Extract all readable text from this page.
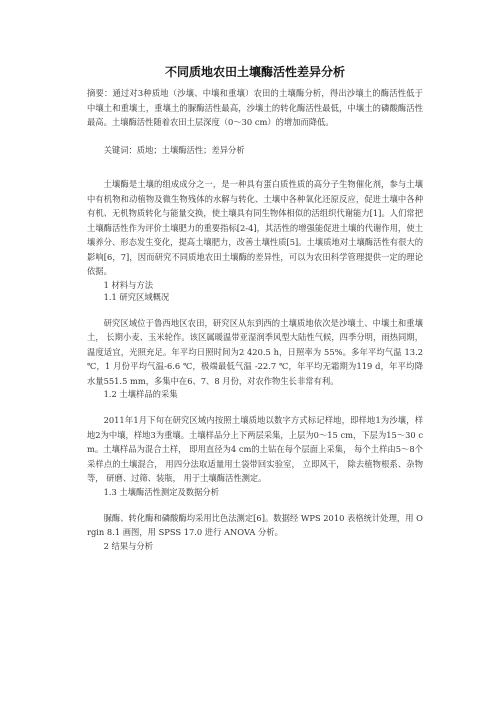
不同质地农田土壤酶活性差异分析

摘要：通过对3种质地（沙壤、中壤和重壤）农田的土壤酶分析，得出沙壤土的酶活性低于中壤土和重壤土，重壤土的脲酶活性最高，沙壤土的转化酶活性最低，中壤土的磷酸酶活性最高。土壤酶活性随着农田土层深度（0～30 cm）的增加而降低。

关键词：质地；土壤酶活性；差异分析

土壤酶是土壤的组成成分之一，是一种具有蛋白质性质的高分子生物催化剂，参与土壤中有机物和动植物及微生物残体的水解与转化、土壤中各种氧化还原反应，促进土壤中各种有机、无机物质转化与能量交换，使土壤具有同生物体相似的活组织代谢能力[1]。人们常把土壤酶活性作为评价土壤肥力的重要指标[2-4]，其活性的增强能促进土壤的代谢作用，使土壤养分、形态发生变化，提高土壤肥力，改善土壤性质[5]。土壤质地对土壤酶活性有很大的影响[6，7]，因而研究不同质地农田土壤酶的差异性，可以为农田科学管理提供一定的理论依据。

1 材料与方法

1.1 研究区域概况

研究区域位于鲁西地区农田，研究区从东到西的土壤质地依次是沙壤土、中壤土和重壤土， 长期小麦、玉米轮作。该区属暖温带亚湿润季风型大陆性气候，四季分明，雨热同期，温度适宜，光照充足。年平均日照时间为2 420.5 h，日照率为 55%。多年平均气温 13.2 ℃，1 月份平均气温-6.6 ℃，极端最低气温 -22.7 ℃，年平均无霜期为119 d，年平均降水量551.5 mm，多集中在6、7、8 月份，对农作物生长非常有利。

1.2 土壤样品的采集

2011年1月下旬在研究区域内按照土壤质地以数字方式标记样地，即样地1为沙壤，样地2为中壤，样地3为重壤。土壤样品分上下两层采集，上层为0～15 cm，下层为15～30 cm。土壤样品为混合土样， 即用直径为4 cm的土钻在每个层面上采集， 每个土样由5～8个采样点的土壤混合， 用四分法取适量用土袋带回实验室， 立即风干， 除去植物根系、杂物等， 研磨、过筛、装瓶， 用于土壤酶活性测定。

1.3 土壤酶活性测定及数据分析

脲酶、转化酶和磷酸酶均采用比色法测定[6]。数据经 WPS 2010 表格统计处理，用 Orgin 8.1 画图，用 SPSS 17.0 进行 ANOVA 分析。

2 结果与分析
